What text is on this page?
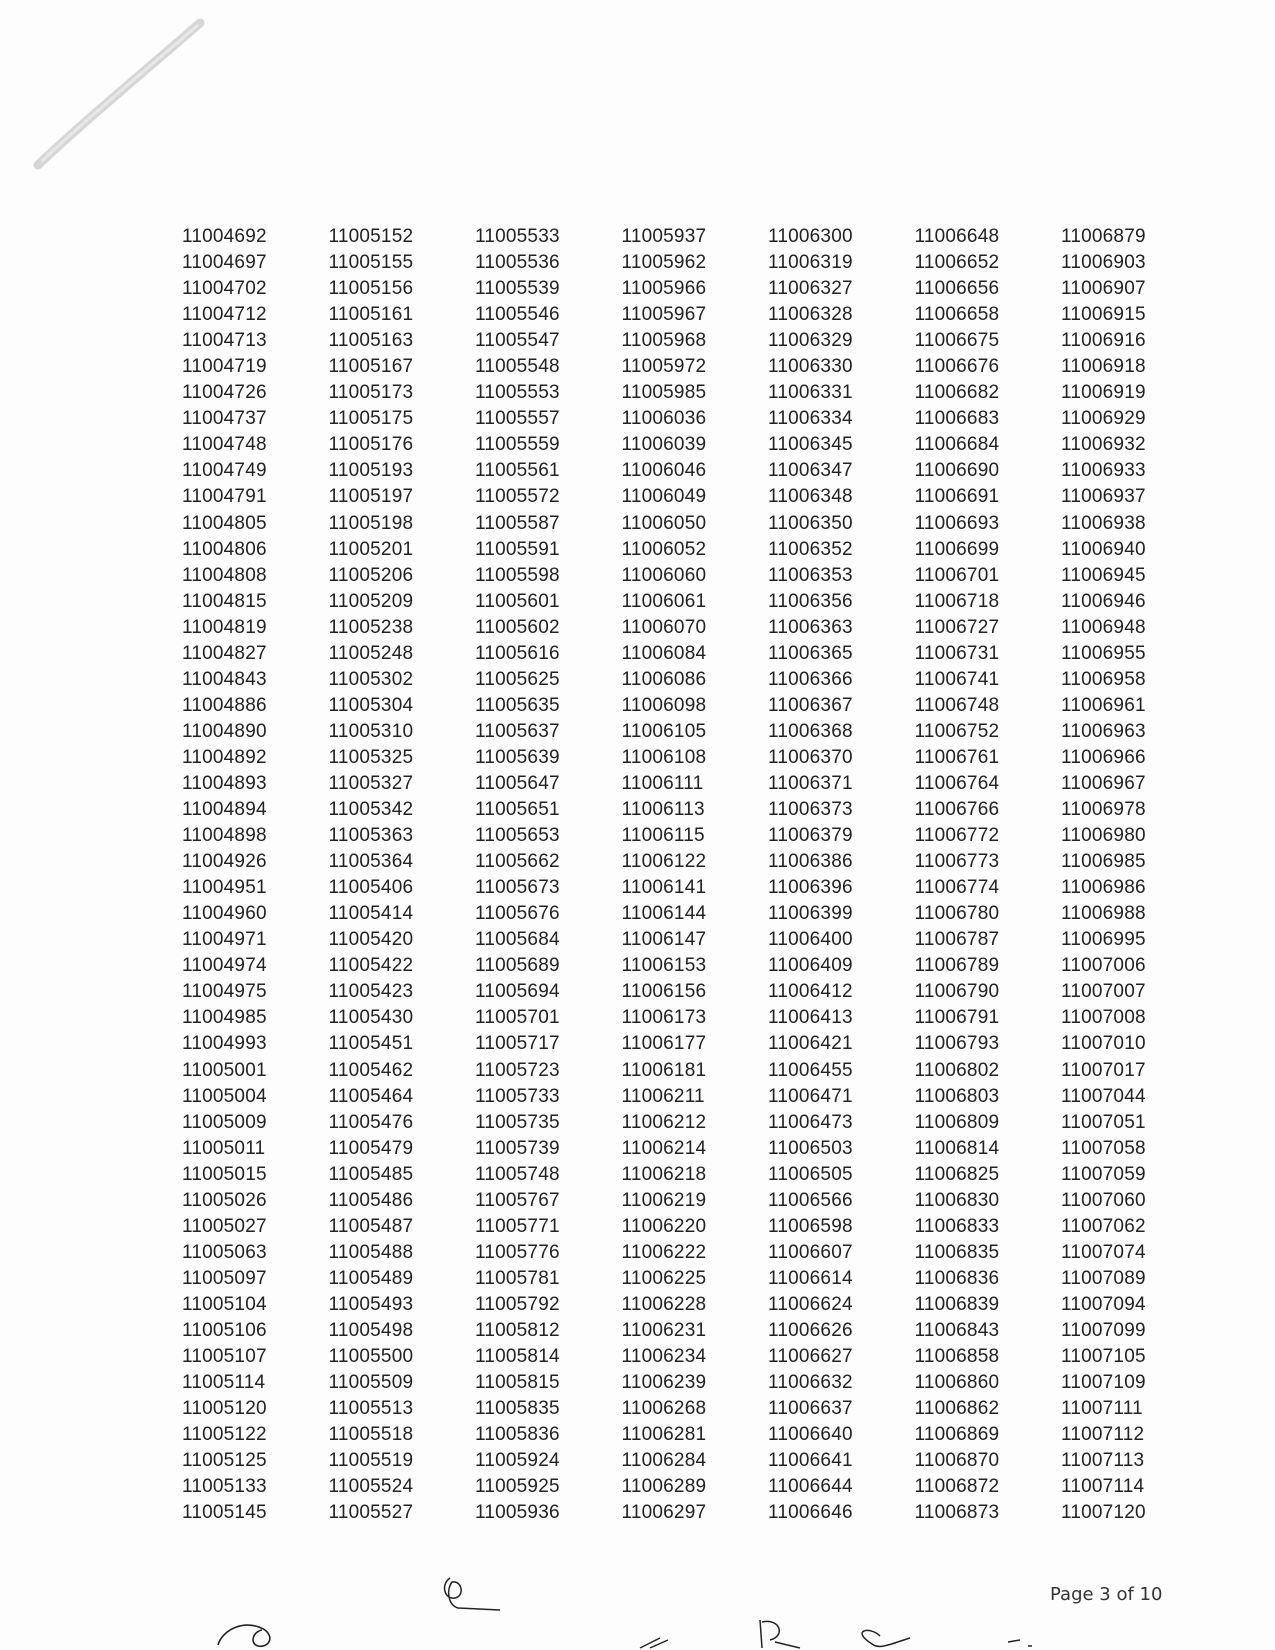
11004692
11004697
11004702
11004712
11004713
11004719
11004726
11004737
11004748
11004749
11004791
11004805
11004806
11004808
11004815
11004819
11004827
11004843
11004886
11004890
11004892
11004893
11004894
11004898
11004926
11004951
11004960
11004971
11004974
11004975
11004985
11004993
11005001
11005004
11005009
11005011
11005015
11005026
11005027
11005063
11005097
11005104
11005106
11005107
11005114
11005120
11005122
11005125
11005133
11005145
11005152
11005155
11005156
11005161
11005163
11005167
11005173
11005175
11005176
11005193
11005197
11005198
11005201
11005206
11005209
11005238
11005248
11005302
11005304
11005310
11005325
11005327
11005342
11005363
11005364
11005406
11005414
11005420
11005422
11005423
11005430
11005451
11005462
11005464
11005476
11005479
11005485
11005486
11005487
11005488
11005489
11005493
11005498
11005500
11005509
11005513
11005518
11005519
11005524
11005527
11005533
11005536
11005539
11005546
11005547
11005548
11005553
11005557
11005559
11005561
11005572
11005587
11005591
11005598
11005601
11005602
11005616
11005625
11005635
11005637
11005639
11005647
11005651
11005653
11005662
11005673
11005676
11005684
11005689
11005694
11005701
11005717
11005723
11005733
11005735
11005739
11005748
11005767
11005771
11005776
11005781
11005792
11005812
11005814
11005815
11005835
11005836
11005924
11005925
11005936
11005937
11005962
11005966
11005967
11005968
11005972
11005985
11006036
11006039
11006046
11006049
11006050
11006052
11006060
11006061
11006070
11006084
11006086
11006098
11006105
11006108
11006111
11006113
11006115
11006122
11006141
11006144
11006147
11006153
11006156
11006173
11006177
11006181
11006211
11006212
11006214
11006218
11006219
11006220
11006222
11006225
11006228
11006231
11006234
11006239
11006268
11006281
11006284
11006289
11006297
11006300
11006319
11006327
11006328
11006329
11006330
11006331
11006334
11006345
11006347
11006348
11006350
11006352
11006353
11006356
11006363
11006365
11006366
11006367
11006368
11006370
11006371
11006373
11006379
11006386
11006396
11006399
11006400
11006409
11006412
11006413
11006421
11006455
11006471
11006473
11006503
11006505
11006566
11006598
11006607
11006614
11006624
11006626
11006627
11006632
11006637
11006640
11006641
11006644
11006646
11006648
11006652
11006656
11006658
11006675
11006676
11006682
11006683
11006684
11006690
11006691
11006693
11006699
11006701
11006718
11006727
11006731
11006741
11006748
11006752
11006761
11006764
11006766
11006772
11006773
11006774
11006780
11006787
11006789
11006790
11006791
11006793
11006802
11006803
11006809
11006814
11006825
11006830
11006833
11006835
11006836
11006839
11006843
11006858
11006860
11006862
11006869
11006870
11006872
11006873
11006879
11006903
11006907
11006915
11006916
11006918
11006919
11006929
11006932
11006933
11006937
11006938
11006940
11006945
11006946
11006948
11006955
11006958
11006961
11006963
11006966
11006967
11006978
11006980
11006985
11006986
11006988
11006995
11007006
11007007
11007008
11007010
11007017
11007044
11007051
11007058
11007059
11007060
11007062
11007074
11007089
11007094
11007099
11007105
11007109
11007111
11007112
11007113
11007114
11007120
Page 3 of 10
